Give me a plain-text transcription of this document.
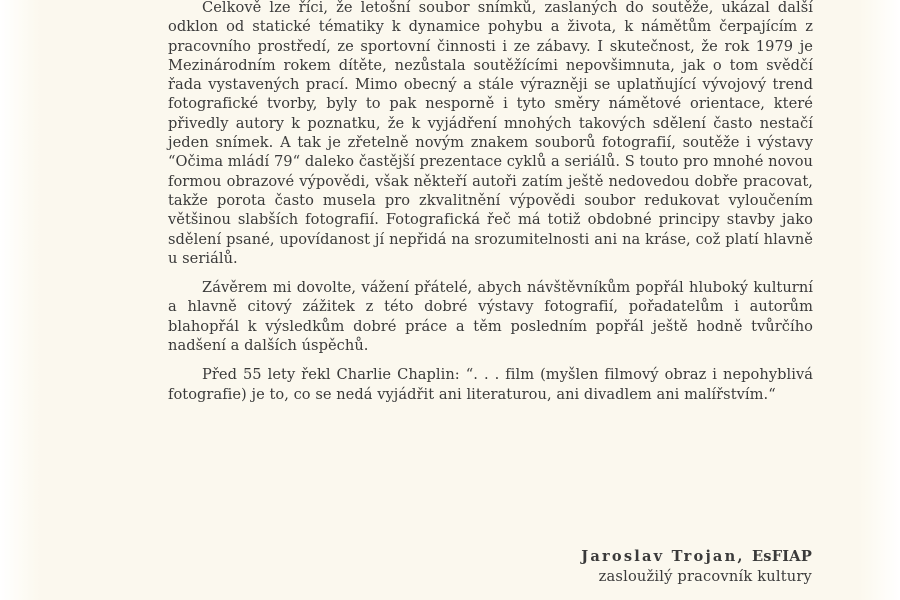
Celkově lze říci, že letošní soubor snímků, zaslaných do soutěže, ukázal další odklon od statické tématiky k dynamice pohybu a života, k námětům čerpajícím z pracovního prostředí, ze sportovní činnosti i ze zábavy. I skutečnost, že rok 1979 je Mezinárodním rokem dítěte, nezůstala soutěžícími nepovšimnuta, jak o tom svědčí řada vystavených prací. Mimo obecný a stále výrazněji se uplatňující vývojový trend fotografické tvorby, byly to pak nesporně i tyto směry námětové orientace, které přivedly autory k poznatku, že k vyjádření mnohých takových sdělení často nestačí jeden snímek. A tak je zřetelně novým znakem souborů fotografií, soutěže i výstavy “Očima mládí 79“ daleko častější prezentace cyklů a seriálů. S touto pro mnohé novou formou obrazové výpovědi, však někteří autoři zatím ještě nedovedou dobře pracovat, takže porota často musela pro zkvalitnění výpovědi soubor redukovat vyloučením většinou slabších fotografií. Fotografická řeč má totiž obdobné principy stavby jako sdělení psané, upovídanost jí nepřidá na srozumitelnosti ani na kráse, což platí hlavně u seriálů.

Závěrem mi dovolte, vážení přátelé, abych návštěvníkům popřál hluboký kulturní a hlavně citový zážitek z této dobré výstavy fotografií, pořadatelům i autorům blahopřál k výsledkům dobré práce a těm posledním popřál ještě hodně tvůrčího nadšení a dalších úspěchů.

Před 55 lety řekl Charlie Chaplin: “. . . film (myšlen filmový obraz i nepohyblivá fotografie) je to, co se nedá vyjádřit ani literaturou, ani divadlem ani malířstvím.“

Jaroslav Trojan, EsFIAP
zasloužilý pracovník kultury
